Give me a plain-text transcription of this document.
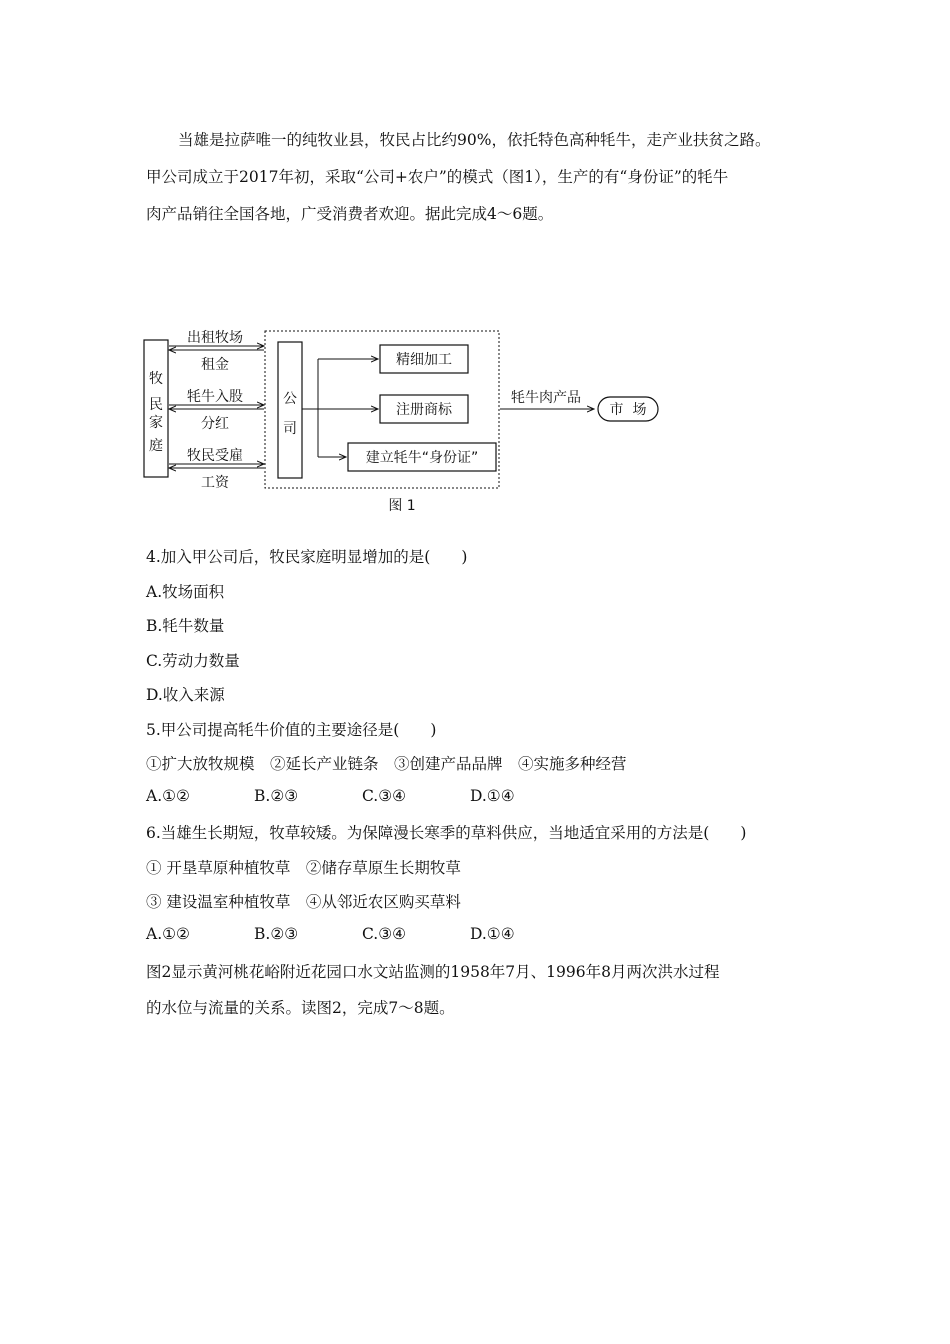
当雄是拉萨唯一的纯牧业县，牧民占比约90%，依托特色高种牦牛，走产业扶贫之路。
甲公司成立于2017年初，采取“公司+农户”的模式（图1），生产的有“身份证”的牦牛
肉产品销往全国各地，广受消费者欢迎。据此完成4～6题。
牧
民
家
庭
公
司
出租牧场
租金
牦牛入股
分红
牧民受雇
工资
精细加工
注册商标
建立牦牛“身份证”
牦牛肉产品
市  场
图 1
4.加入甲公司后，牧民家庭明显增加的是(　　)
A.牧场面积
B.牦牛数量
C.劳动力数量
D.收入来源
5.甲公司提高牦牛价值的主要途径是(　　)
①扩大放牧规模　②延长产业链条　③创建产品品牌　④实施多种经营
A.①②	B.②③	C.③④	D.①④
6.当雄生长期短，牧草较矮。为保障漫长寒季的草料供应，当地适宜采用的方法是(　　)
① 开垦草原种植牧草　②储存草原生长期牧草
③ 建设温室种植牧草　④从邻近农区购买草料
A.①②	B.②③	C.③④	D.①④
图2显示黄河桃花峪附近花园口水文站监测的1958年7月、1996年8月两次洪水过程
的水位与流量的关系。读图2，完成7～8题。
